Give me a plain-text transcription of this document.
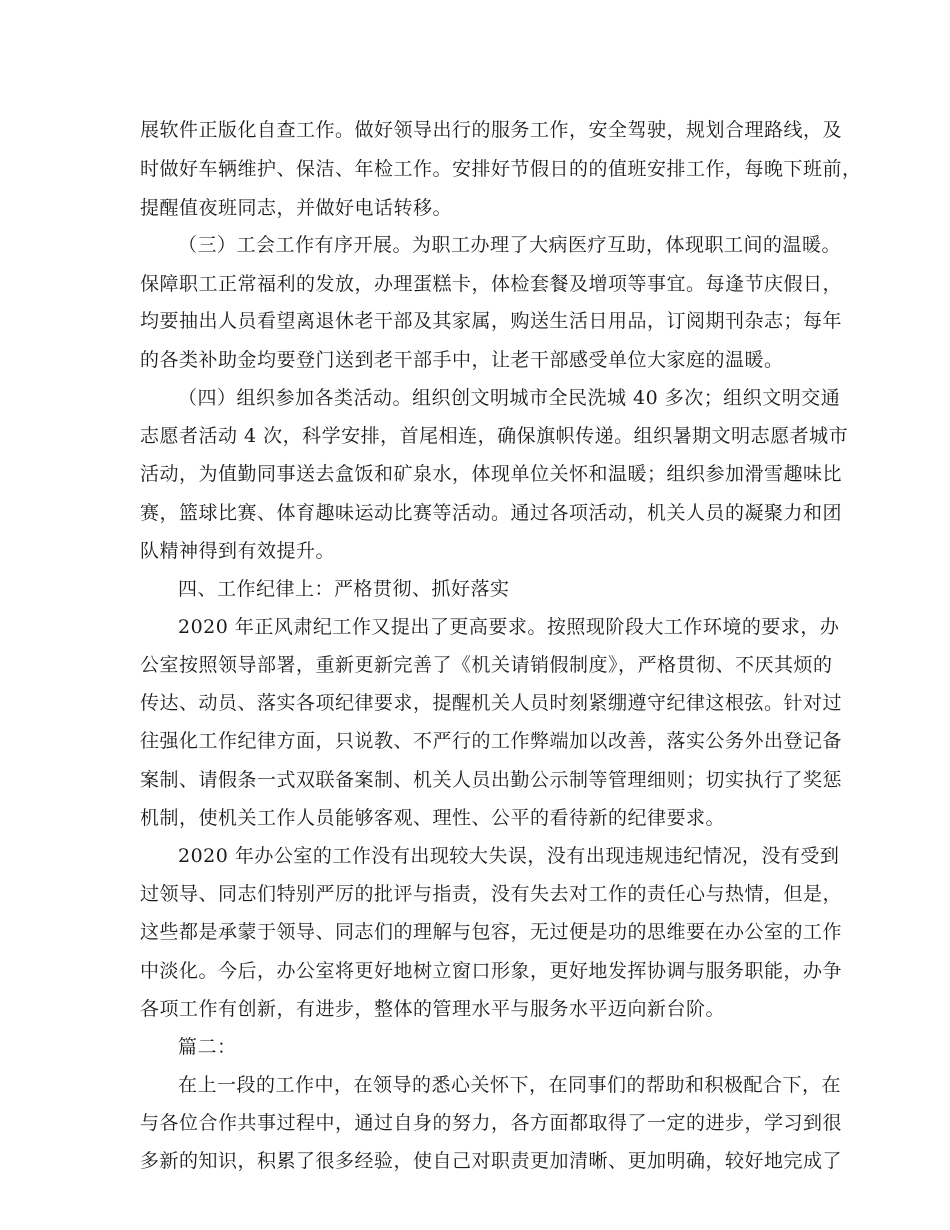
展软件正版化自查工作。做好领导出行的服务工作，安全驾驶，规划合理路线，及
时做好车辆维护、保洁、年检工作。安排好节假日的的值班安排工作，每晚下班前，
提醒值夜班同志，并做好电话转移。
（三）工会工作有序开展。为职工办理了大病医疗互助，体现职工间的温暖。
保障职工正常福利的发放，办理蛋糕卡，体检套餐及增项等事宜。每逢节庆假日，
均要抽出人员看望离退休老干部及其家属，购送生活日用品，订阅期刊杂志；每年
的各类补助金均要登门送到老干部手中，让老干部感受单位大家庭的温暖。
（四）组织参加各类活动。组织创文明城市全民洗城 40 多次；组织文明交通
志愿者活动 4 次，科学安排，首尾相连，确保旗帜传递。组织暑期文明志愿者城市
活动，为值勤同事送去盒饭和矿泉水，体现单位关怀和温暖；组织参加滑雪趣味比
赛，篮球比赛、体育趣味运动比赛等活动。通过各项活动，机关人员的凝聚力和团
队精神得到有效提升。
四、工作纪律上：严格贯彻、抓好落实
2020 年正风肃纪工作又提出了更高要求。按照现阶段大工作环境的要求，办
公室按照领导部署，重新更新完善了《机关请销假制度》，严格贯彻、不厌其烦的
传达、动员、落实各项纪律要求，提醒机关人员时刻紧绷遵守纪律这根弦。针对过
往强化工作纪律方面，只说教、不严行的工作弊端加以改善，落实公务外出登记备
案制、请假条一式双联备案制、机关人员出勤公示制等管理细则；切实执行了奖惩
机制，使机关工作人员能够客观、理性、公平的看待新的纪律要求。
2020 年办公室的工作没有出现较大失误，没有出现违规违纪情况，没有受到
过领导、同志们特别严厉的批评与指责，没有失去对工作的责任心与热情，但是，
这些都是承蒙于领导、同志们的理解与包容，无过便是功的思维要在办公室的工作
中淡化。今后，办公室将更好地树立窗口形象，更好地发挥协调与服务职能，办争
各项工作有创新，有进步，整体的管理水平与服务水平迈向新台阶。
篇二：
在上一段的工作中，在领导的悉心关怀下，在同事们的帮助和积极配合下，在
与各位合作共事过程中，通过自身的努力，各方面都取得了一定的进步，学习到很
多新的知识，积累了很多经验，使自己对职责更加清晰、更加明确，较好地完成了
